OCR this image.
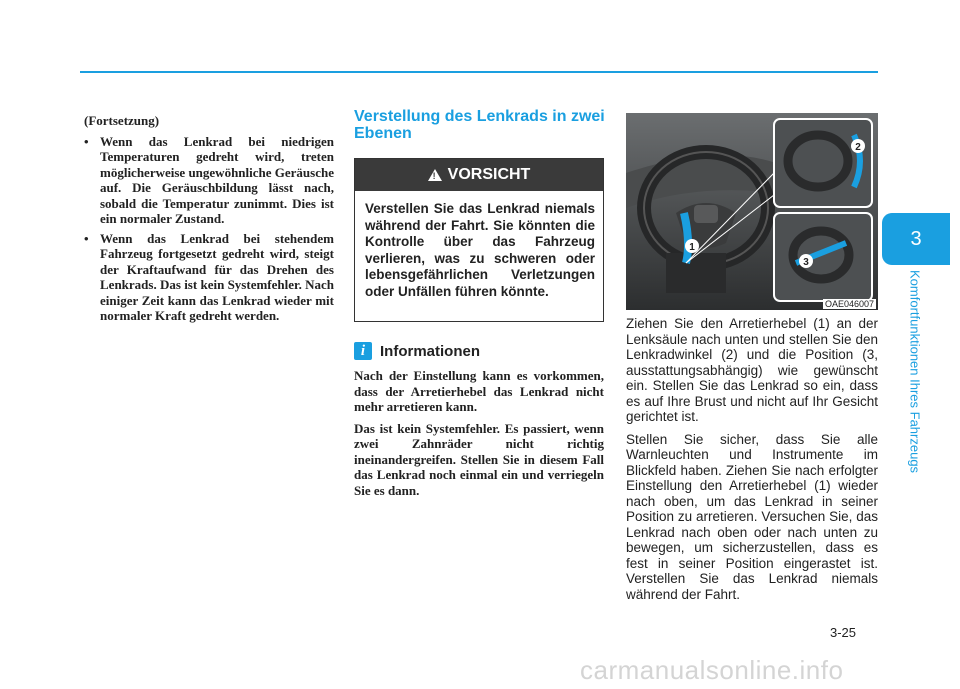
(Fortsetzung)

• Wenn das Lenkrad bei niedrigen Temperaturen gedreht wird, treten möglicherweise ungewöhnliche Geräusche auf. Die Geräuschbildung lässt nach, sobald die Temperatur zunimmt. Dies ist ein normaler Zustand.
• Wenn das Lenkrad bei stehendem Fahrzeug fortgesetzt gedreht wird, steigt der Kraftaufwand für das Drehen des Lenkrads. Das ist kein Systemfehler. Nach einiger Zeit kann das Lenkrad wieder mit normaler Kraft gedreht werden.
Verstellung des Lenkrads in zwei Ebenen
! VORSICHT
Verstellen Sie das Lenkrad niemals während der Fahrt. Sie könnten die Kontrolle über das Fahrzeug verlieren, was zu schweren oder lebensgefährlichen Verletzungen oder Unfällen führen könnte.
i Informationen

Nach der Einstellung kann es vorkommen, dass der Arretierhebel das Lenkrad nicht mehr arretieren kann.

Das ist kein Systemfehler. Es passiert, wenn zwei Zahnräder nicht richtig ineinandergreifen. Stellen Sie in diesem Fall das Lenkrad noch einmal ein und verriegeln Sie es dann.

1
2
3
OAE046007

Ziehen Sie den Arretierhebel (1) an der Lenksäule nach unten und stellen Sie den Lenkradwinkel (2) und die Position (3, ausstattungsabhängig) wie gewünscht ein. Stellen Sie das Lenkrad so ein, dass es auf Ihre Brust und nicht auf Ihr Gesicht gerichtet ist.

Stellen Sie sicher, dass Sie alle Warnleuchten und Instrumente im Blickfeld haben. Ziehen Sie nach erfolgter Einstellung den Arretierhebel (1) wieder nach oben, um das Lenkrad in seiner Position zu arretieren. Versuchen Sie, das Lenkrad nach oben oder nach unten zu bewegen, um sicherzustellen, dass es fest in seiner Position eingerastet ist. Verstellen Sie das Lenkrad niemals während der Fahrt.

3
Komfortfunktionen Ihres Fahrzeugs
3-25
carmanualsonline.info
